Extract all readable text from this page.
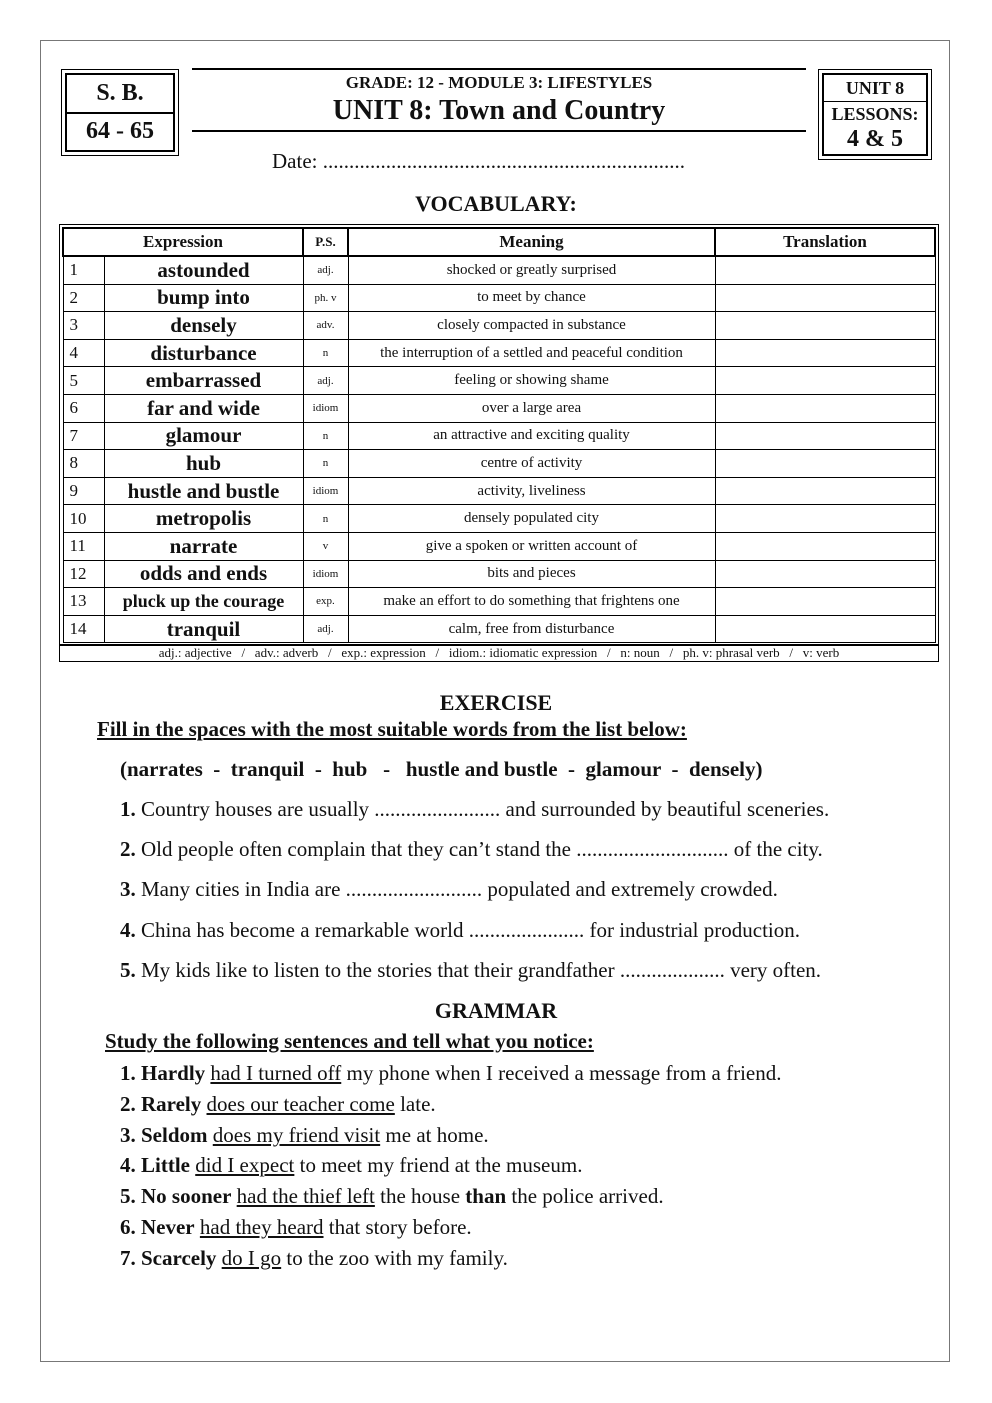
S. B.
64 - 65
GRADE: 12 - MODULE 3: LIFESTYLES
UNIT 8: Town and Country
UNIT 8
LESSONS:
4 & 5
Date: .....................................................................
VOCABULARY:
Expression		P.S.	Meaning	Translation
1	astounded	adj.	shocked or greatly surprised	
2	bump into	ph. v	to meet by chance	
3	densely	adv.	closely compacted in substance	
4	disturbance	n	the interruption of a settled and peaceful condition	
5	embarrassed	adj.	feeling or showing shame	
6	far and wide	idiom	over a large area	
7	glamour	n	an attractive and exciting quality	
8	hub	n	centre of activity	
9	hustle and bustle	idiom	activity, liveliness	
10	metropolis	n	densely populated city	
11	narrate	v	give a spoken or written account of	
12	odds and ends	idiom	bits and pieces	
13	pluck up the courage	exp.	make an effort to do something that frightens one	
14	tranquil	adj.	calm, free from disturbance	
adj.: adjective   /   adv.: adverb   /   exp.: expression   /   idiom.: idiomatic expression   /   n: noun   /   ph. v: phrasal verb   /   v: verb
EXERCISE
Fill in the spaces with the most suitable words from the list below:
(narrates  -  tranquil  -  hub   -   hustle and bustle  -  glamour  -  densely)
1. Country houses are usually ........................ and surrounded by beautiful sceneries.
2. Old people often complain that they can’t stand the ............................. of the city.
3. Many cities in India are .......................... populated and extremely crowded.
4. China has become a remarkable world ...................... for industrial production.
5. My kids like to listen to the stories that their grandfather .................... very often.
GRAMMAR
Study the following sentences and tell what you notice:
1. Hardly had I turned off my phone when I received a message from a friend.
2. Rarely does our teacher come late.
3. Seldom does my friend visit me at home.
4. Little did I expect to meet my friend at the museum.
5. No sooner had the thief left the house than the police arrived.
6. Never had they heard that story before.
7. Scarcely do I go to the zoo with my family.
